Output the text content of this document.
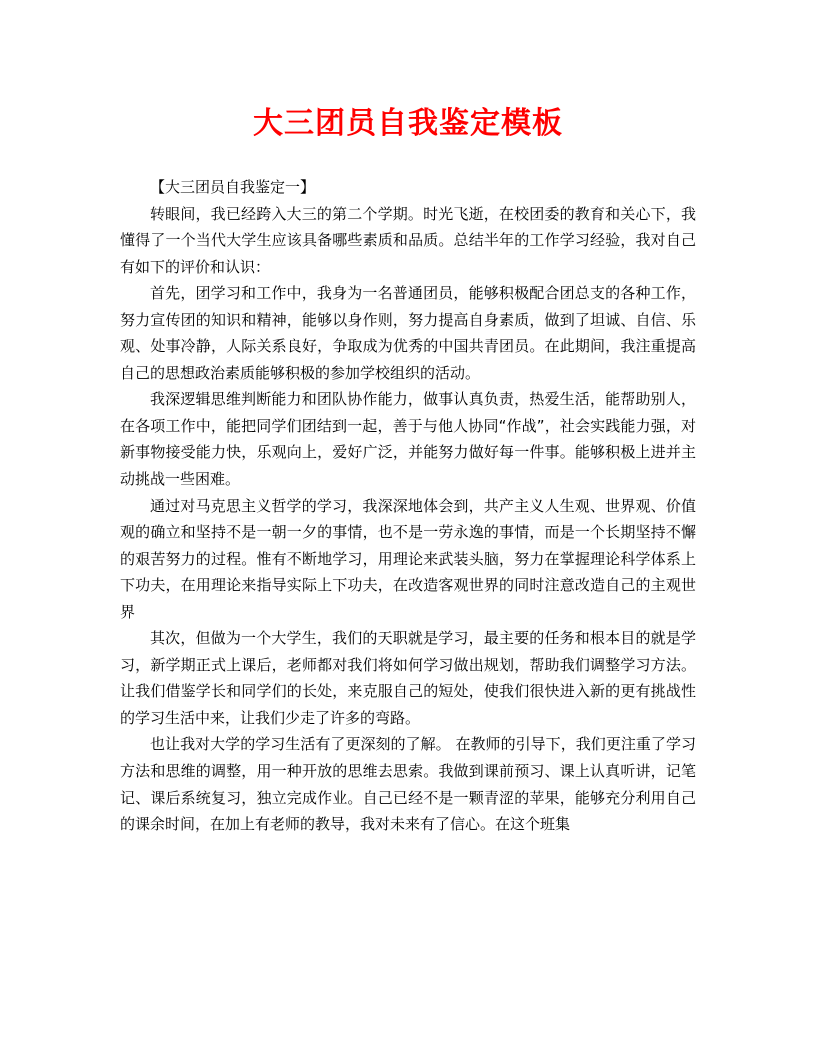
大三团员自我鉴定模板

【大三团员自我鉴定一】

转眼间，我已经跨入大三的第二个学期。时光飞逝，在校团委的教育和关心下，我懂得了一个当代大学生应该具备哪些素质和品质。总结半年的工作学习经验，我对自己有如下的评价和认识：

首先，团学习和工作中，我身为一名普通团员，能够积极配合团总支的各种工作，努力宣传团的知识和精神，能够以身作则，努力提高自身素质，做到了坦诚、自信、乐观、处事冷静，人际关系良好，争取成为优秀的中国共青团员。在此期间，我注重提高自己的思想政治素质能够积极的参加学校组织的活动。

我深逻辑思维判断能力和团队协作能力，做事认真负责，热爱生活，能帮助别人，在各项工作中，能把同学们团结到一起，善于与他人协同“作战”，社会实践能力强，对新事物接受能力快，乐观向上，爱好广泛，并能努力做好每一件事。能够积极上进并主动挑战一些困难。

通过对马克思主义哲学的学习，我深深地体会到，共产主义人生观、世界观、价值观的确立和坚持不是一朝一夕的事情，也不是一劳永逸的事情，而是一个长期坚持不懈的艰苦努力的过程。惟有不断地学习，用理论来武装头脑，努力在掌握理论科学体系上下功夫，在用理论来指导实际上下功夫，在改造客观世界的同时注意改造自己的主观世界

其次，但做为一个大学生，我们的天职就是学习，最主要的任务和根本目的就是学习，新学期正式上课后，老师都对我们将如何学习做出规划，帮助我们调整学习方法。让我们借鉴学长和同学们的长处，来克服自己的短处，使我们很快进入新的更有挑战性的学习生活中来，让我们少走了许多的弯路。

也让我对大学的学习生活有了更深刻的了解。 在教师的引导下，我们更注重了学习方法和思维的调整，用一种开放的思维去思索。我做到课前预习、课上认真听讲，记笔记、课后系统复习，独立完成作业。自己已经不是一颗青涩的苹果，能够充分利用自己的课余时间，在加上有老师的教导，我对未来有了信心。在这个班集
